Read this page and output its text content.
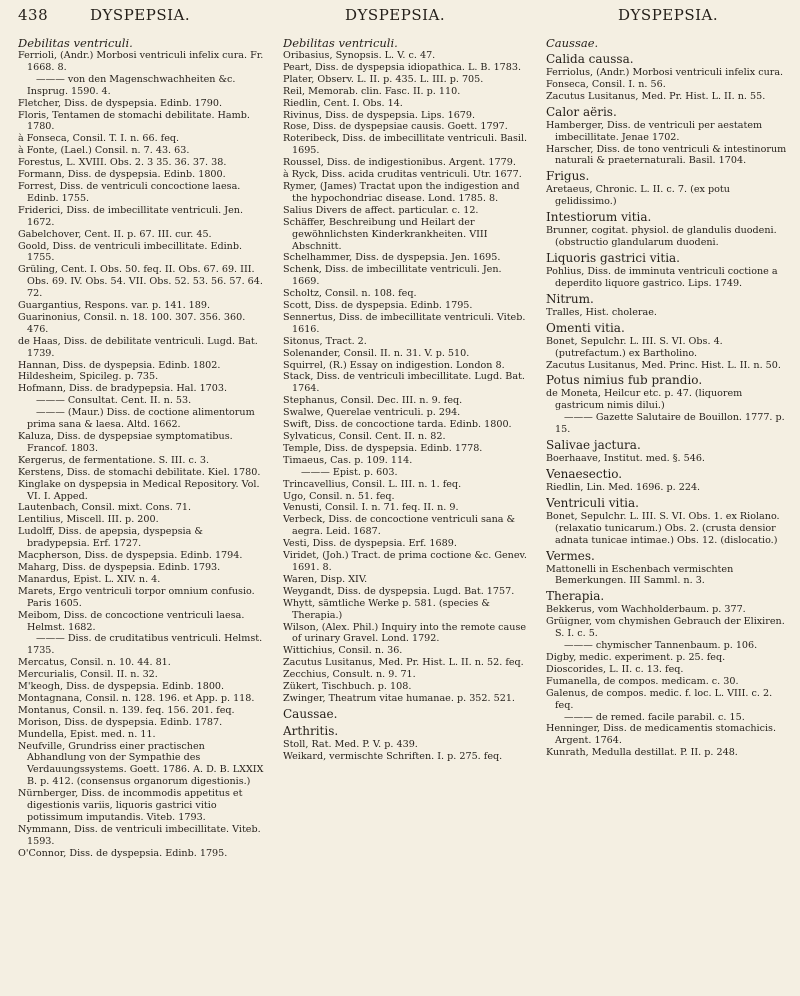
438	DYSPEPSIA.	DYSPEPSIA.	DYSPEPSIA.
Debilitas ventriculi.
Ferrioli, (Andr.) Morbosi ventriculi infelix cura. Fr. 1668. 8.
——— von den Magenschwachheiten &c. Insprug. 1590. 4.
Fletcher, Diss. de dyspepsia. Edinb. 1790.
Floris, Tentamen de stomachi debilitate. Hamb. 1780.
à Fonseca, Consil. T. I. n. 66. feq.
à Fonte, (Lael.) Consil. n. 7. 43. 63.
Forestus, L. XVIII. Obs. 2. 3 35. 36. 37. 38.
Formann, Diss. de dyspepsia. Edinb. 1800.
Forrest, Diss. de ventriculi concoctione laesa. Edinb. 1755.
Friderici, Diss. de imbecillitate ventriculi. Jen. 1672.
Gabelchover, Cent. II. p. 67. III. cur. 45.
Goold, Diss. de ventriculi imbecillitate. Edinb. 1755.
Grüling, Cent. I. Obs. 50. feq. II. Obs. 67. 69. III. Obs. 69. IV. Obs. 54. VII. Obs. 52. 53. 56. 57. 64. 72.
Guargantius, Respons. var. p. 141. 189.
Guarinonius, Consil. n. 18. 100. 307. 356. 360. 476.
de Haas, Diss. de debilitate ventriculi. Lugd. Bat. 1739.
Hannan, Diss. de dyspepsia. Edinb. 1802.
Hildesheim, Spicileg. p. 735.
Hofmann, Diss. de bradypepsia. Hal. 1703.
——— Consultat. Cent. II. n. 53.
——— (Maur.) Diss. de coctione alimentorum prima sana & laesa. Altd. 1662.
Kaluza, Diss. de dyspepsiae symptomatibus. Francof. 1803.
Kergerus, de fermentatione. S. III. c. 3.
Kerstens, Diss. de stomachi debilitate. Kiel. 1780.
Kinglake on dyspepsia in Medical Repository. Vol. VI. I. Apped.
Lautenbach, Consil. mixt. Cons. 71.
Lentilius, Miscell. III. p. 200.
Ludolff, Diss. de apepsia, dyspepsia & bradypepsia. Erf. 1727.
Macpherson, Diss. de dyspepsia. Edinb. 1794.
Maharg, Diss. de dyspepsia. Edinb. 1793.
Manardus, Epist. L. XIV. n. 4.
Marets, Ergo ventriculi torpor omnium confusio. Paris 1605.
Meibom, Diss. de concoctione ventriculi laesa. Helmst. 1682.
——— Diss. de cruditatibus ventriculi. Helmst. 1735.
Mercatus, Consil. n. 10. 44. 81.
Mercurialis, Consil. II. n. 32.
M'keogh, Diss. de dyspepsia. Edinb. 1800.
Montagnana, Consil. n. 128. 196. et App. p. 118.
Montanus, Consil. n. 139. feq. 156. 201. feq.
Morison, Diss. de dyspepsia. Edinb. 1787.
Mundella, Epist. med. n. 11.
Neufville, Grundriss einer practischen Abhandlung von der Sympathie des Verdauungssystems. Goett. 1786. A. D. B. LXXIX B. p. 412. (consensus organorum digestionis.)
Nürnberger, Diss. de incommodis appetitus et digestionis variis, liquoris gastrici vitio potissimum imputandis. Viteb. 1793.
Nymmann, Diss. de ventriculi imbecillitate. Viteb. 1593.
O'Connor, Diss. de dyspepsia. Edinb. 1795.
Debilitas ventriculi.
Oribasius, Synopsis. L. V. c. 47.
Peart, Diss. de dyspepsia idiopathica. L. B. 1783.
Plater, Observ. L. II. p. 435. L. III. p. 705.
Reil, Memorab. clin. Fasc. II. p. 110.
Riedlin, Cent. I. Obs. 14.
Rivinus, Diss. de dyspepsia. Lips. 1679.
Rose, Diss. de dyspepsiae causis. Goett. 1797.
Roteribeck, Diss. de imbecillitate ventriculi. Basil. 1695.
Roussel, Diss. de indigestionibus. Argent. 1779.
à Ryck, Diss. acida cruditas ventriculi. Utr. 1677.
Rymer, (James) Tractat upon the indigestion and the hypochondriac disease. Lond. 1785. 8.
Salius Divers de affect. particular. c. 12.
Schäffer, Beschreibung und Heilart der gewöhnlichsten Kinderkrankheiten. VIII Abschnitt.
Schelhammer, Diss. de dyspepsia. Jen. 1695.
Schenk, Diss. de imbecillitate ventriculi. Jen. 1669.
Scholtz, Consil. n. 108. feq.
Scott, Diss. de dyspepsia. Edinb. 1795.
Sennertus, Diss. de imbecillitate ventriculi. Viteb. 1616.
Sitonus, Tract. 2.
Solenander, Consil. II. n. 31. V. p. 510.
Squirrel, (R.) Essay on indigestion. London 8.
Stack, Diss. de ventriculi imbecillitate. Lugd. Bat. 1764.
Stephanus, Consil. Dec. III. n. 9. feq.
Swalwe, Querelae ventriculi. p. 294.
Swift, Diss. de concoctione tarda. Edinb. 1800.
Sylvaticus, Consil. Cent. II. n. 82.
Temple, Diss. de dyspepsia. Edinb. 1778.
Timaeus, Cas. p. 109. 114.
——— Epist. p. 603.
Trincavellius, Consil. L. III. n. 1. feq.
Ugo, Consil. n. 51. feq.
Venusti, Consil. I. n. 71. feq. II. n. 9.
Verbeck, Diss. de concoctione ventriculi sana & aegra. Leid. 1687.
Vesti, Diss. de dyspepsia. Erf. 1689.
Viridet, (Joh.) Tract. de prima coctione &c. Genev. 1691. 8.
Waren, Disp. XIV.
Weygandt, Diss. de dyspepsia. Lugd. Bat. 1757.
Whytt, sämtliche Werke p. 581. (species & Therapia.)
Wilson, (Alex. Phil.) Inquiry into the remote cause of urinary Gravel. Lond. 1792.
Wittichius, Consil. n. 36.
Zacutus Lusitanus, Med. Pr. Hist. L. II. n. 52. feq.
Zecchius, Consult. n. 9. 71.
Zükert, Tischbuch. p. 108.
Zwinger, Theatrum vitae humanae. p. 352. 521.
Caussae.
Arthritis.
Stoll, Rat. Med. P. V. p. 439.
Weikard, vermischte Schriften. I. p. 275. feq.
Caussae.
Calida caussa.
Ferriolus, (Andr.) Morbosi ventriculi infelix cura.
Fonseca, Consil. I. n. 56.
Zacutus Lusitanus, Med. Pr. Hist. L. II. n. 55.
Calor aëris.
Hamberger, Diss. de ventriculi per aestatem imbecillitate. Jenae 1702.
Harscher, Diss. de tono ventriculi & intestinorum naturali & praeternaturali. Basil. 1704.
Frigus.
Aretaeus, Chronic. L. II. c. 7. (ex potu gelidissimo.)
Intestiorum vitia.
Brunner, cogitat. physiol. de glandulis duodeni. (obstructio glandularum duodeni.
Liquoris gastrici vitia.
Pohlius, Diss. de imminuta ventriculi coctione a deperdito liquore gastrico. Lips. 1749.
Nitrum.
Tralles, Hist. cholerae.
Omenti vitia.
Bonet, Sepulchr. L. III. S. VI. Obs. 4. (putrefactum.) ex Bartholino.
Zacutus Lusitanus, Med. Princ. Hist. L. II. n. 50.
Potus nimius fub prandio.
de Moneta, Heilcur etc. p. 47. (liquorem gastricum nimis dilui.)
——— Gazette Salutaire de Bouillon. 1777. p. 15.
Salivae jactura.
Boerhaave, Institut. med. §. 546.
Venaesectio.
Riedlin, Lin. Med. 1696. p. 224.
Ventriculi vitia.
Bonet, Sepulchr. L. III. S. VI. Obs. 1. ex Riolano. (relaxatio tunicarum.) Obs. 2. (crusta densior adnata tunicae intimae.) Obs. 12. (dislocatio.)
Vermes.
Mattonelli in Eschenbach vermischten Bemerkungen. III Samml. n. 3.
Therapia.
Bekkerus, vom Wachholderbaum. p. 377.
Grüigner, vom chymishen Gebrauch der Elixiren. S. I. c. 5.
——— chymischer Tannenbaum. p. 106.
Digby, medic. experiment. p. 25. feq.
Dioscorides, L. II. c. 13. feq.
Fumanella, de compos. medicam. c. 30.
Galenus, de compos. medic. f. loc. L. VIII. c. 2. feq.
——— de remed. facile parabil. c. 15.
Henninger, Diss. de medicamentis stomachicis. Argent. 1764.
Kunrath, Medulla destillat. P. II. p. 248.
